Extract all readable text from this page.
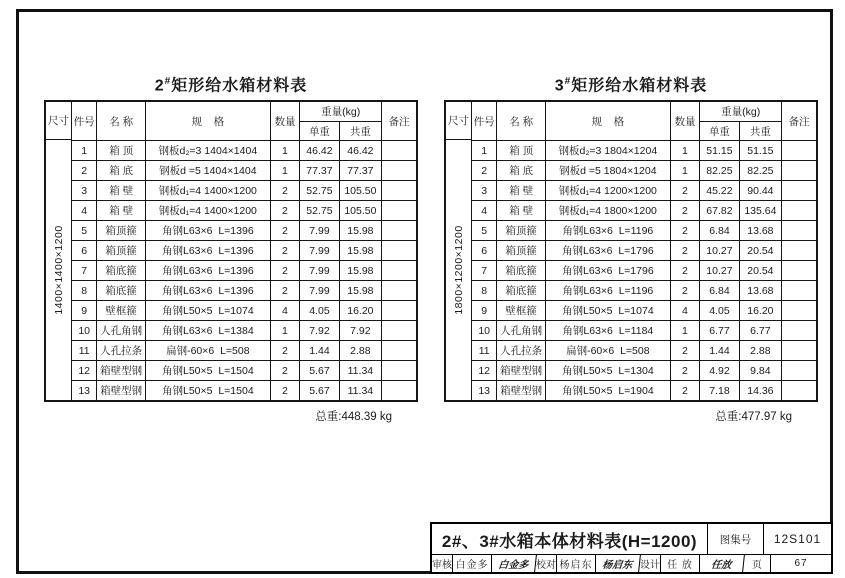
2#矩形给水箱材料表
尺寸
1400×1400×1200
件号	名 称	规    格	数量	重量(kg)		备注
				单重	共重	
1	箱 顶	钢板d₂=3 1404×1404	1	46.42	46.42	
2	箱 底	钢板d =5 1404×1404	1	77.37	77.37	
3	箱 壁	钢板d₁=4 1400×1200	2	52.75	105.50	
4	箱 壁	钢板d₁=4 1400×1200	2	52.75	105.50	
5	箱顶箍	角钢L63×6  L=1396	2	7.99	15.98	
6	箱顶箍	角钢L63×6  L=1396	2	7.99	15.98	
7	箱底箍	角钢L63×6  L=1396	2	7.99	15.98	
8	箱底箍	角钢L63×6  L=1396	2	7.99	15.98	
9	壁框箍	角钢L50×5  L=1074	4	4.05	16.20	
10	人孔角钢	角钢L63×6  L=1384	1	7.92	7.92	
11	人孔拉条	扁钢-60×6  L=508	2	1.44	2.88	
12	箱壁型钢	角钢L50×5  L=1504	2	5.67	11.34	
13	箱壁型钢	角钢L50×5  L=1504	2	5.67	11.34	
总重:448.39 kg
3#矩形给水箱材料表
尺寸
1800×1200×1200
件号	名 称	规    格	数量	重量(kg)		备注
				单重	共重	
1	箱 顶	钢板d₂=3 1804×1204	1	51.15	51.15	
2	箱 底	钢板d =5 1804×1204	1	82.25	82.25	
3	箱 壁	钢板d₁=4 1200×1200	2	45.22	90.44	
4	箱 壁	钢板d₁=4 1800×1200	2	67.82	135.64	
5	箱顶箍	角钢L63×6  L=1196	2	6.84	13.68	
6	箱顶箍	角钢L63×6  L=1796	2	10.27	20.54	
7	箱底箍	角钢L63×6  L=1796	2	10.27	20.54	
8	箱底箍	角钢L63×6  L=1196	2	6.84	13.68	
9	壁框箍	角钢L50×5  L=1074	4	4.05	16.20	
10	人孔角钢	角钢L63×6  L=1184	1	6.77	6.77	
11	人孔拉条	扁钢-60×6  L=508	2	1.44	2.88	
12	箱壁型钢	角钢L50×5  L=1304	2	4.92	9.84	
13	箱壁型钢	角钢L50×5  L=1904	2	7.18	14.36	
总重:477.97 kg
2#、3#水箱本体材料表(H=1200)	图集号	12S101
审核 白金多 白金多 校对 杨启东 杨启东 设计 任 放	任放	页	67
